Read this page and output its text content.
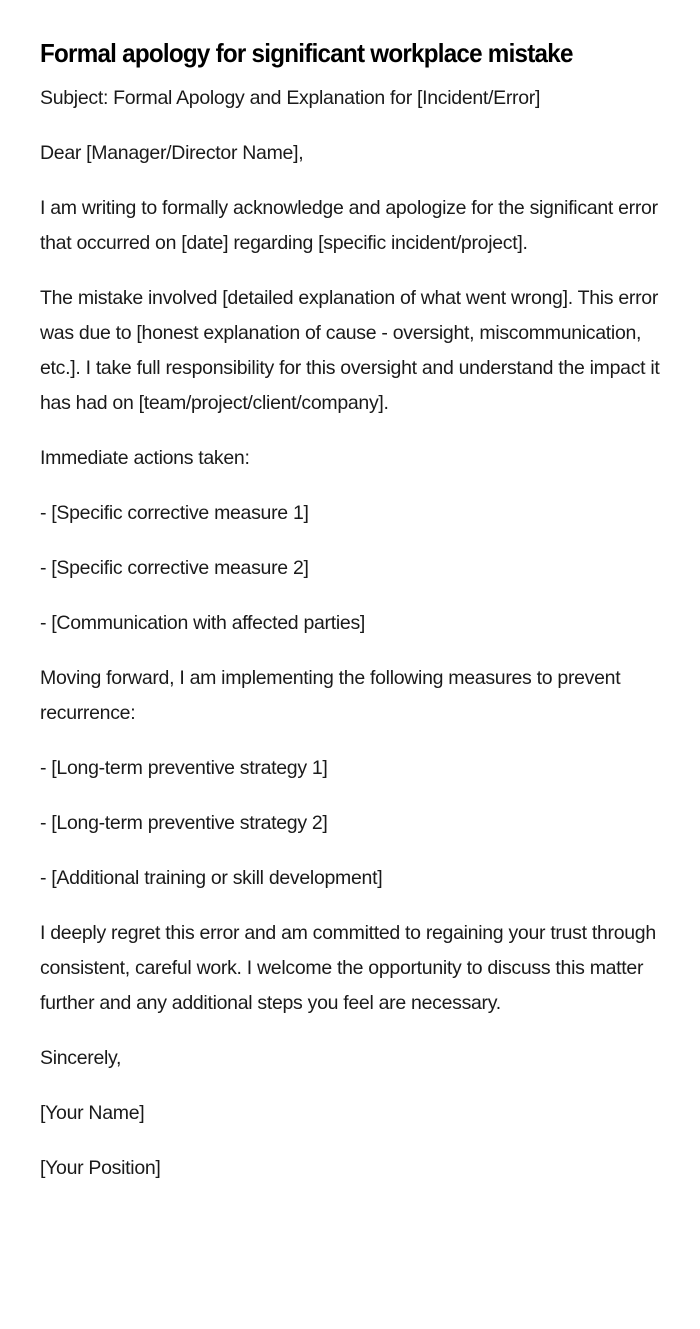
Formal apology for significant workplace mistake

Subject: Formal Apology and Explanation for [Incident/Error]

Dear [Manager/Director Name],

I am writing to formally acknowledge and apologize for the significant error that occurred on [date] regarding [specific incident/project].

The mistake involved [detailed explanation of what went wrong]. This error was due to [honest explanation of cause - oversight, miscommunication, etc.]. I take full responsibility for this oversight and understand the impact it has had on [team/project/client/company].

Immediate actions taken:

- [Specific corrective measure 1]

- [Specific corrective measure 2]

- [Communication with affected parties]

Moving forward, I am implementing the following measures to prevent recurrence:

- [Long-term preventive strategy 1]

- [Long-term preventive strategy 2]

- [Additional training or skill development]

I deeply regret this error and am committed to regaining your trust through consistent, careful work. I welcome the opportunity to discuss this matter further and any additional steps you feel are necessary.

Sincerely,

[Your Name]

[Your Position]
